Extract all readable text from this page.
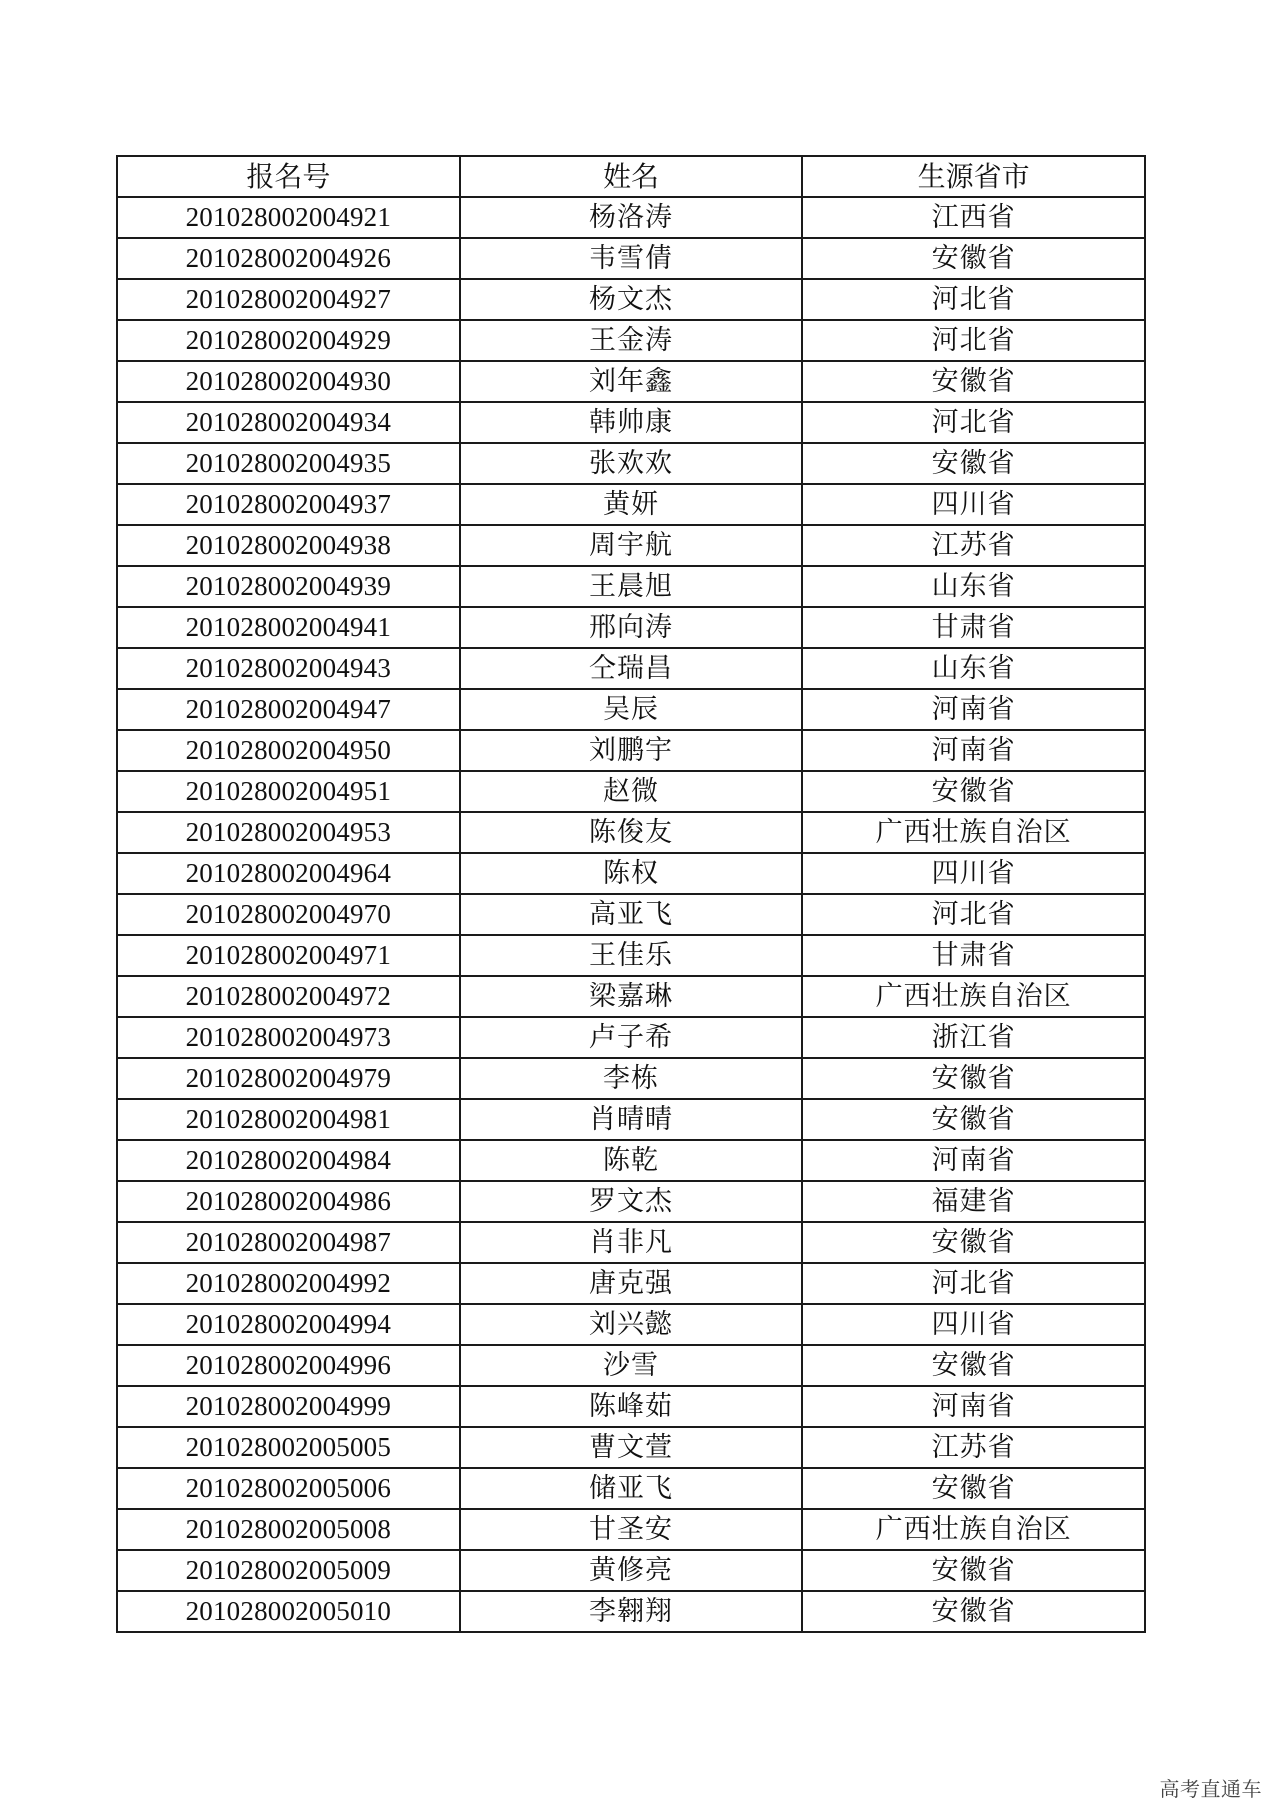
报名号	姓名	生源省市
201028002004921	杨洛涛	江西省
201028002004926	韦雪倩	安徽省
201028002004927	杨文杰	河北省
201028002004929	王金涛	河北省
201028002004930	刘年鑫	安徽省
201028002004934	韩帅康	河北省
201028002004935	张欢欢	安徽省
201028002004937	黄妍	四川省
201028002004938	周宇航	江苏省
201028002004939	王晨旭	山东省
201028002004941	邢向涛	甘肃省
201028002004943	仝瑞昌	山东省
201028002004947	吴辰	河南省
201028002004950	刘鹏宇	河南省
201028002004951	赵微	安徽省
201028002004953	陈俊友	广西壮族自治区
201028002004964	陈权	四川省
201028002004970	高亚飞	河北省
201028002004971	王佳乐	甘肃省
201028002004972	梁嘉琳	广西壮族自治区
201028002004973	卢子希	浙江省
201028002004979	李栋	安徽省
201028002004981	肖晴晴	安徽省
201028002004984	陈乾	河南省
201028002004986	罗文杰	福建省
201028002004987	肖非凡	安徽省
201028002004992	唐克强	河北省
201028002004994	刘兴懿	四川省
201028002004996	沙雪	安徽省
201028002004999	陈峰茹	河南省
201028002005005	曹文萱	江苏省
201028002005006	储亚飞	安徽省
201028002005008	甘圣安	广西壮族自治区
201028002005009	黄修亮	安徽省
201028002005010	李翱翔	安徽省
高考直通车
